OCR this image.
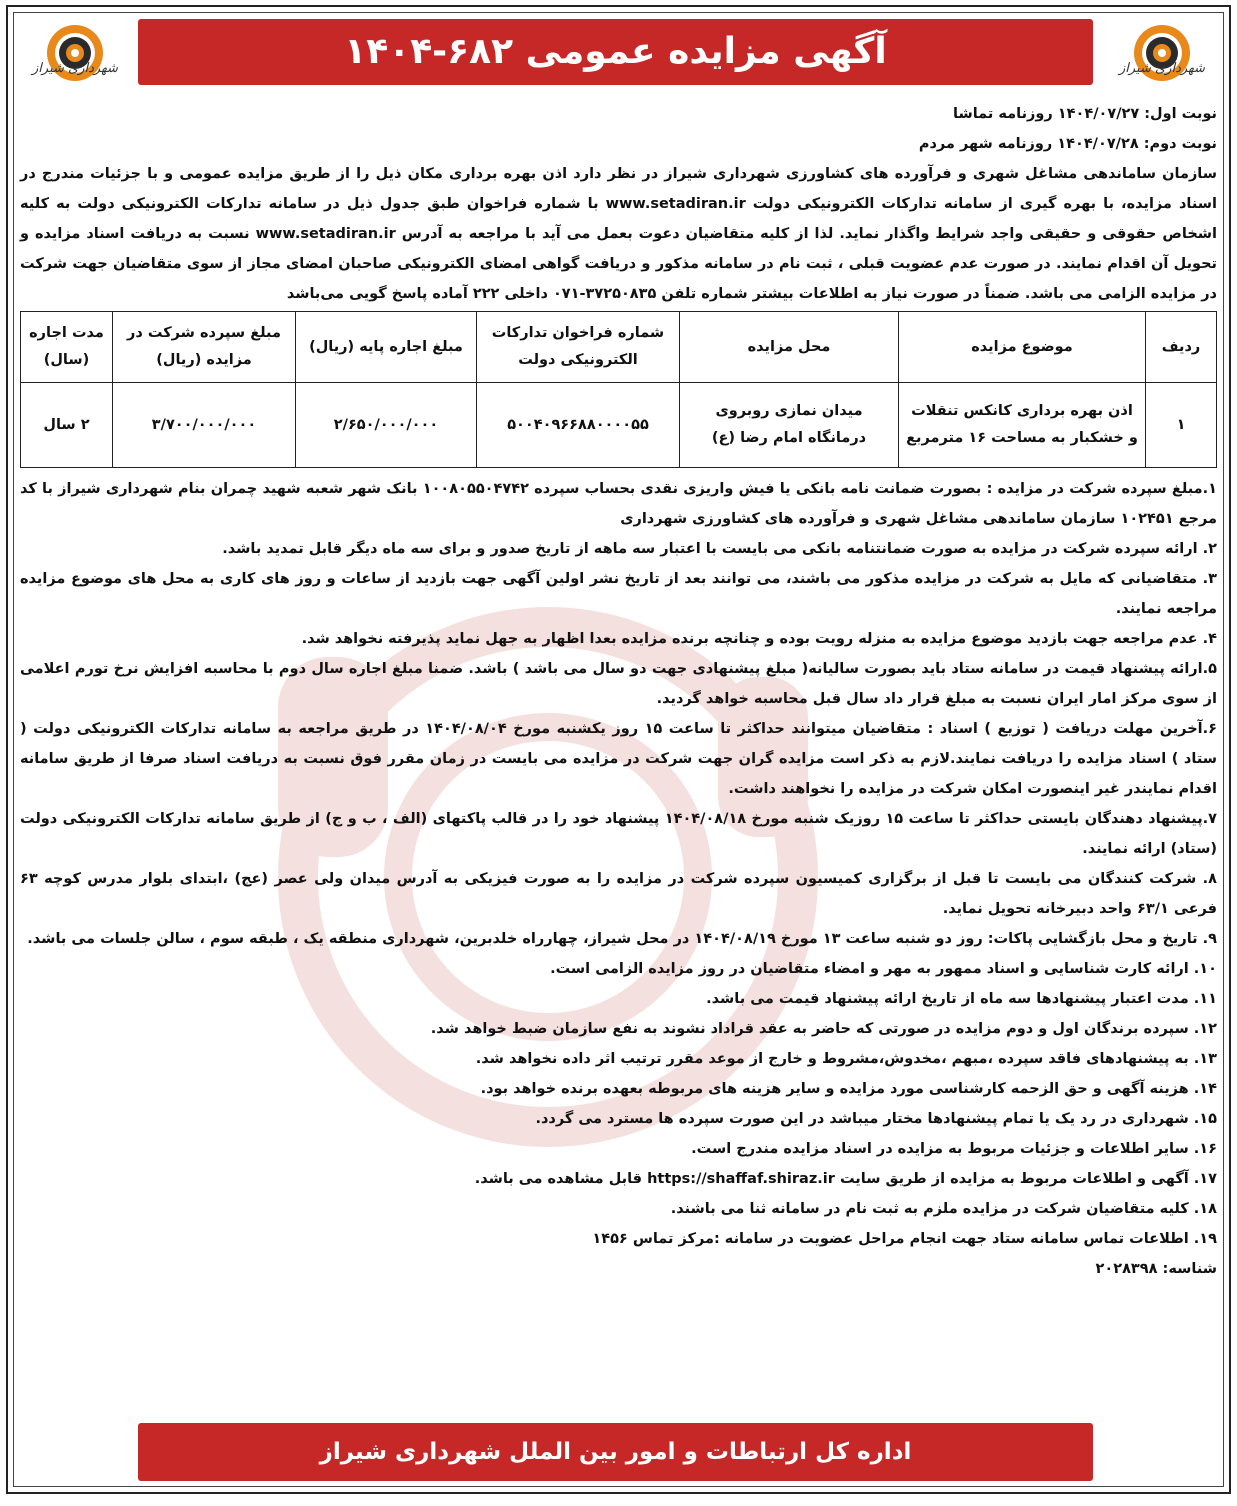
شهرداری شیراز
شهرداری شیراز	آگهی مزایده عمومی ۶۸۲-۱۴۰۴

نوبت اول: ۱۴۰۴/۰۷/۲۷ روزنامه تماشا

نوبت دوم: ۱۴۰۴/۰۷/۲۸ روزنامه شهر مردم

سازمان ساماندهی مشاغل شهری و فرآورده های کشاورزی شهرداری شیراز در نظر دارد اذن بهره برداری مکان ذیل را از طریق مزایده عمومی و با جزئیات مندرج در اسناد مزایده، با بهره گیری از سامانه تدارکات الکترونیکی دولت www.setadiran.ir با شماره فراخوان طبق جدول ذیل در سامانه تدارکات الکترونیکی دولت به کلیه اشخاص حقوقی و حقیقی واجد شرایط واگذار نماید. لذا از کلیه متقاضیان دعوت بعمل می آید با مراجعه به آدرس www.setadiran.ir نسبت به دریافت اسناد مزایده و تحویل آن اقدام نمایند. در صورت عدم عضویت قبلی ، ثبت نام در سامانه مذکور و دریافت گواهی امضای الکترونیکی صاحبان امضای مجاز از سوی متقاضیان جهت شرکت در مزایده الزامی می باشد. ضمناً در صورت نیاز به اطلاعات بیشتر شماره تلفن ۳۷۲۵۰۸۳۵-۰۷۱ داخلی ۲۲۲ آماده پاسخ گویی می‌باشد

ردیف	موضوع مزایده	محل مزایده	شماره فراخوان تدارکات الکترونیکی دولت	مبلغ اجاره پایه (ریال)	مبلغ سپرده شرکت در مزایده (ریال)	مدت اجاره (سال)
۱	اذن بهره برداری کانکس تنقلات و خشکبار به مساحت ۱۶ مترمربع	میدان نمازی روبروی درمانگاه امام رضا (ع)	۵۰۰۴۰۹۶۶۸۸۰۰۰۰۵۵	۲/۶۵۰/۰۰۰/۰۰۰	۳/۷۰۰/۰۰۰/۰۰۰	۲ سال

۱.مبلغ سپرده شرکت در مزایده : بصورت ضمانت نامه بانکی یا فیش واریزی نقدی بحساب سپرده ۱۰۰۸۰۵۵۰۴۷۴۲ بانک شهر شعبه شهید چمران بنام شهرداری شیراز با کد مرجع ۱۰۲۴۵۱ سازمان ساماندهی مشاغل شهری و فرآورده های کشاورزی شهرداری

۲. ارائه سپرده شرکت در مزایده به صورت ضمانتنامه بانکی می بایست با اعتبار سه ماهه از تاریخ صدور و برای سه ماه دیگر قابل تمدید باشد.

۳. متقاضیانی که مایل به شرکت در مزایده مذکور می باشند، می توانند بعد از تاریخ نشر اولین آگهی جهت بازدید از ساعات و روز های کاری به محل های موضوع مزایده مراجعه نمایند.

۴. عدم مراجعه جهت بازدید موضوع مزایده به منزله رویت بوده و چنانچه برنده مزایده بعدا اظهار به جهل نماید پذیرفته نخواهد شد.

۵.ارائه پیشنهاد قیمت در سامانه ستاد باید بصورت سالیانه( مبلغ پیشنهادی جهت دو سال می باشد ) باشد. ضمنا مبلغ اجاره سال دوم با محاسبه افزایش نرخ تورم اعلامی از سوی مرکز امار ایران نسبت به مبلغ قرار داد سال قبل محاسبه خواهد گردید.

۶.آخرین مهلت دریافت ( توزیع ) اسناد : متقاضیان میتوانند حداکثر تا ساعت ۱۵ روز یکشنبه مورخ ۱۴۰۴/۰۸/۰۴ در طریق مراجعه به سامانه تدارکات الکترونیکی دولت ( ستاد ) اسناد مزایده را دریافت نمایند.لازم به ذکر است مزایده گران جهت شرکت در مزایده می بایست در زمان مقرر فوق نسبت به دریافت اسناد صرفا از طریق سامانه اقدام نمایندر غیر اینصورت امکان شرکت در مزایده را نخواهند داشت.

۷.پیشنهاد دهندگان بایستی حداکثر تا ساعت ۱۵ روزیک شنبه مورخ ۱۴۰۴/۰۸/۱۸ پیشنهاد خود را در قالب پاکتهای (الف ، ب و ج) از طریق سامانه تدارکات الکترونیکی دولت (ستاد) ارائه نمایند.

۸. شرکت کنندگان می بایست تا قبل از برگزاری کمیسیون سپرده شرکت در مزایده را به صورت فیزیکی به آدرس میدان ولی عصر (عج) ،ابتدای بلوار مدرس کوچه ۶۳ فرعی ۶۳/۱ واحد دبیرخانه تحویل نماید.

۹. تاریخ و محل بازگشایی پاکات: روز دو شنبه ساعت ۱۳ مورخ ۱۴۰۴/۰۸/۱۹ در محل شیراز، چهارراه خلدبرین، شهرداری منطقه یک ، طبقه سوم ، سالن جلسات می باشد.

۱۰. ارائه کارت شناسایی و اسناد ممهور به مهر و امضاء متقاضیان در روز مزایده الزامی است.

۱۱. مدت اعتبار پیشنهادها سه ماه از تاریخ ارائه پیشنهاد قیمت می باشد.

۱۲. سپرده برندگان اول و دوم مزایده در صورتی که حاضر به عقد قراداد نشوند به نفع سازمان ضبط خواهد شد.

۱۳. به پیشنهادهای فاقد سپرده ،مبهم ،مخدوش،مشروط و خارج از موعد مقرر ترتیب اثر داده نخواهد شد.

۱۴. هزینه آگهی و حق الزحمه کارشناسی مورد مزایده و سایر هزینه های مربوطه بعهده برنده خواهد بود.

۱۵. شهرداری در رد یک یا تمام پیشنهادها مختار میباشد در این صورت سپرده ها مسترد می گردد.

۱۶. سایر اطلاعات و جزئیات مربوط به مزایده در اسناد مزایده مندرج است.

۱۷. آگهی و اطلاعات مربوط به مزایده از طریق سایت https://shaffaf.shiraz.ir قابل مشاهده می باشد.

۱۸. کلیه متقاضیان شرکت در مزایده ملزم به ثبت نام در سامانه ثنا می باشند.

۱۹. اطلاعات تماس سامانه ستاد جهت انجام مراحل عضویت در سامانه :مرکز تماس ۱۴۵۶

شناسه: ۲۰۲۸۳۹۸

اداره کل ارتباطات و امور بین الملل شهرداری شیراز
